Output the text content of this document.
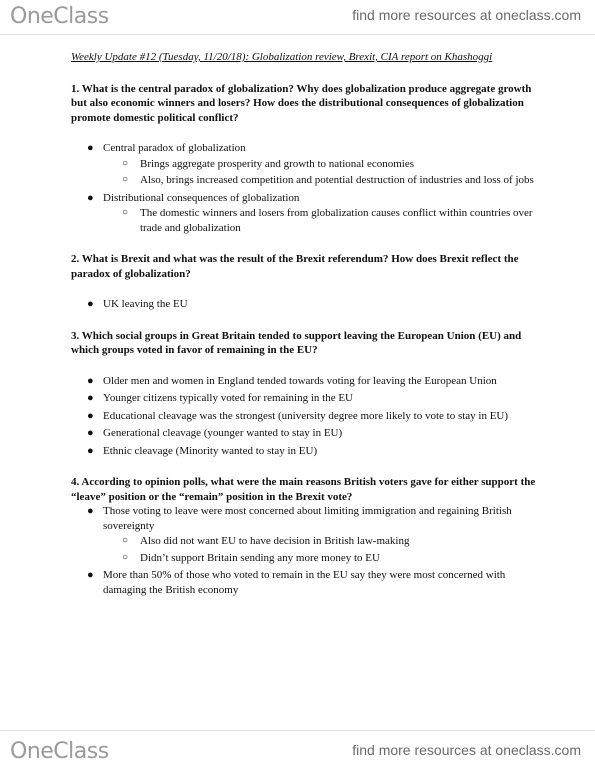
OneClass	find more resources at oneclass.com

Weekly Update #12 (Tuesday, 11/20/18): Globalization review, Brexit, CIA report on Khashoggi

1. What is the central paradox of globalization? Why does globalization produce aggregate growth but also economic winners and losers? How does the distributional consequences of globalization promote domestic political conflict?

● Central paradox of globalization
○ Brings aggregate prosperity and growth to national economies
○ Also, brings increased competition and potential destruction of industries and loss of jobs
● Distributional consequences of globalization
○ The domestic winners and losers from globalization causes conflict within countries over trade and globalization

2. What is Brexit and what was the result of the Brexit referendum? How does Brexit reflect the paradox of globalization?

● UK leaving the EU

3. Which social groups in Great Britain tended to support leaving the European Union (EU) and which groups voted in favor of remaining in the EU?

● Older men and women in England tended towards voting for leaving the European Union
● Younger citizens typically voted for remaining in the EU
● Educational cleavage was the strongest (university degree more likely to vote to stay in EU)
● Generational cleavage (younger wanted to stay in EU)
● Ethnic cleavage (Minority wanted to stay in EU)

4. According to opinion polls, what were the main reasons British voters gave for either support the “leave” position or the “remain” position in the Brexit vote?

● Those voting to leave were most concerned about limiting immigration and regaining British sovereignty
○ Also did not want EU to have decision in British law-making
○ Didn’t support Britain sending any more money to EU
● More than 50% of those who voted to remain in the EU say they were most concerned with damaging the British economy
OneClass	find more resources at oneclass.com
